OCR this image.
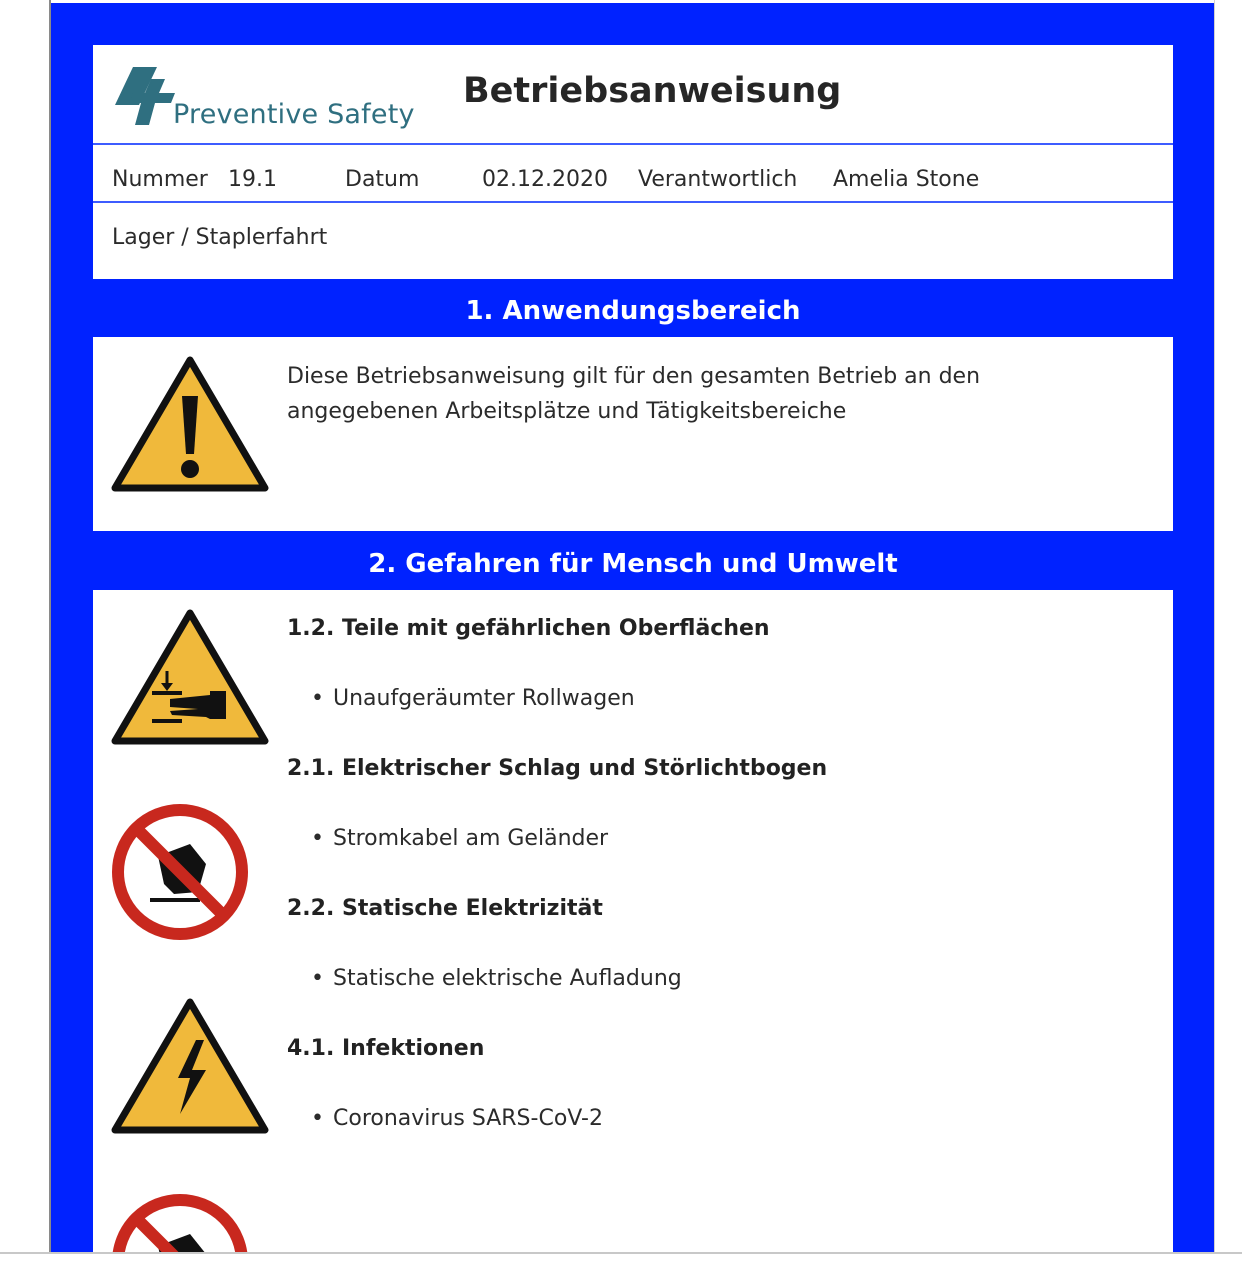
Preventive Safety
Betriebsanweisung
Nummer 19.1	Datum	02.12.2020 Verantwortlich Amelia Stone
Lager / Staplerfahrt
1. Anwendungsbereich
Diese Betriebsanweisung gilt für den gesamten Betrieb an den angegebenen Arbeitsplätze und Tätigkeitsbereiche
2. Gefahren für Mensch und Umwelt
1.2. Teile mit gefährlichen Oberflächen
• Unaufgeräumter Rollwagen
2.1. Elektrischer Schlag und Störlichtbogen
• Stromkabel am Geländer
2.2. Statische Elektrizität
• Statische elektrische Aufladung
4.1. Infektionen
• Coronavirus SARS-CoV-2
